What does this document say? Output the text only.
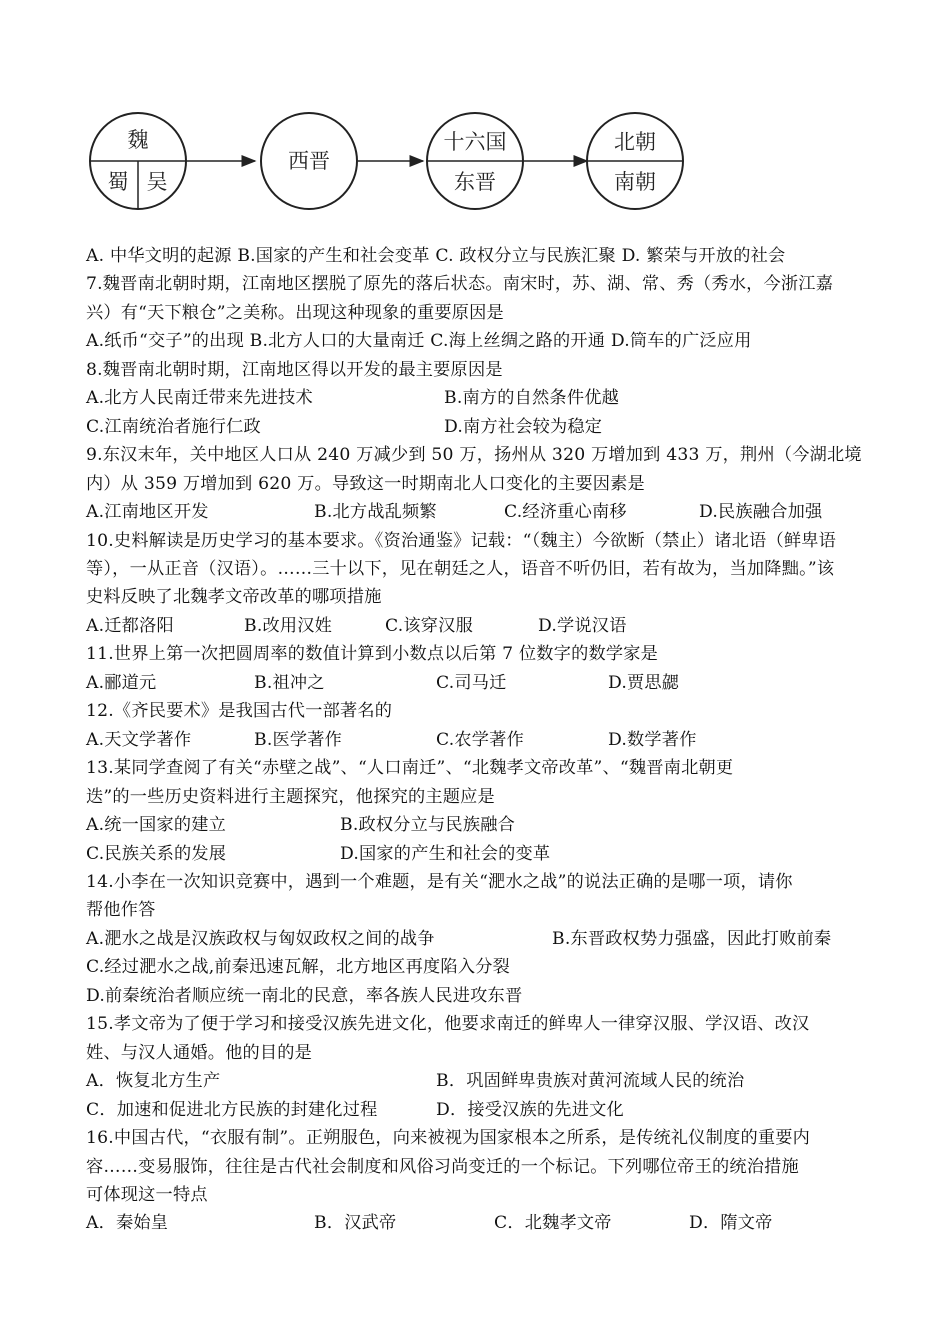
魏
蜀 吴
西晋
十六国
东晋
北朝
南朝
A. 中华文明的起源 B.国家的产生和社会变革 C. 政权分立与民族汇聚 D. 繁荣与开放的社会
7.魏晋南北朝时期，江南地区摆脱了原先的落后状态。南宋时，苏、湖、常、秀（秀水，今浙江嘉
兴）有“天下粮仓”之美称。出现这种现象的重要原因是
A.纸币“交子”的出现 B.北方人口的大量南迁 C.海上丝绸之路的开通 D.筒车的广泛应用
8.魏晋南北朝时期，江南地区得以开发的最主要原因是
A.北方人民南迁带来先进技术	B.南方的自然条件优越
C.江南统治者施行仁政	D.南方社会较为稳定
9.东汉末年，关中地区人口从 240 万减少到 50 万，扬州从 320 万增加到 433 万，荆州（今湖北境
内）从 359 万增加到 620 万。导致这一时期南北人口变化的主要因素是
A.江南地区开发	B.北方战乱频繁	C.经济重心南移	D.民族融合加强
10.史料解读是历史学习的基本要求。《资治通鉴》记载：“（魏主）今欲断（禁止）诸北语（鲜卑语
等），一从正音（汉语）。……三十以下，见在朝廷之人，语音不听仍旧，若有故为，当加降黜。”该
史料反映了北魏孝文帝改革的哪项措施
A.迁都洛阳	B.改用汉姓	C.该穿汉服	D.学说汉语
11.世界上第一次把圆周率的数值计算到小数点以后第 7 位数字的数学家是
A.郦道元	B.祖冲之	C.司马迁	D.贾思勰
12.《齐民要术》是我国古代一部著名的
A.天文学著作	B.医学著作	C.农学著作	D.数学著作
13.某同学查阅了有关“赤壁之战”、“人口南迁”、“北魏孝文帝改革”、“魏晋南北朝更
迭”的一些历史资料进行主题探究，他探究的主题应是
A.统一国家的建立	B.政权分立与民族融合
C.民族关系的发展	D.国家的产生和社会的变革
14.小李在一次知识竞赛中，遇到一个难题，是有关“淝水之战”的说法正确的是哪一项，请你
帮他作答
A.淝水之战是汉族政权与匈奴政权之间的战争	B.东晋政权势力强盛，因此打败前秦
C.经过淝水之战,前秦迅速瓦解，北方地区再度陷入分裂
D.前秦统治者顺应统一南北的民意，率各族人民进攻东晋
15.孝文帝为了便于学习和接受汉族先进文化，他要求南迁的鲜卑人一律穿汉服、学汉语、改汉
姓、与汉人通婚。他的目的是
A．恢复北方生产	B．巩固鲜卑贵族对黄河流域人民的统治
C．加速和促进北方民族的封建化过程	D．接受汉族的先进文化
16.中国古代，“衣服有制”。正朔服色，向来被视为国家根本之所系，是传统礼仪制度的重要内
容……变易服饰，往往是古代社会制度和风俗习尚变迁的一个标记。下列哪位帝王的统治措施
可体现这一特点
A．秦始皇	B．汉武帝	C．北魏孝文帝	D．隋文帝
